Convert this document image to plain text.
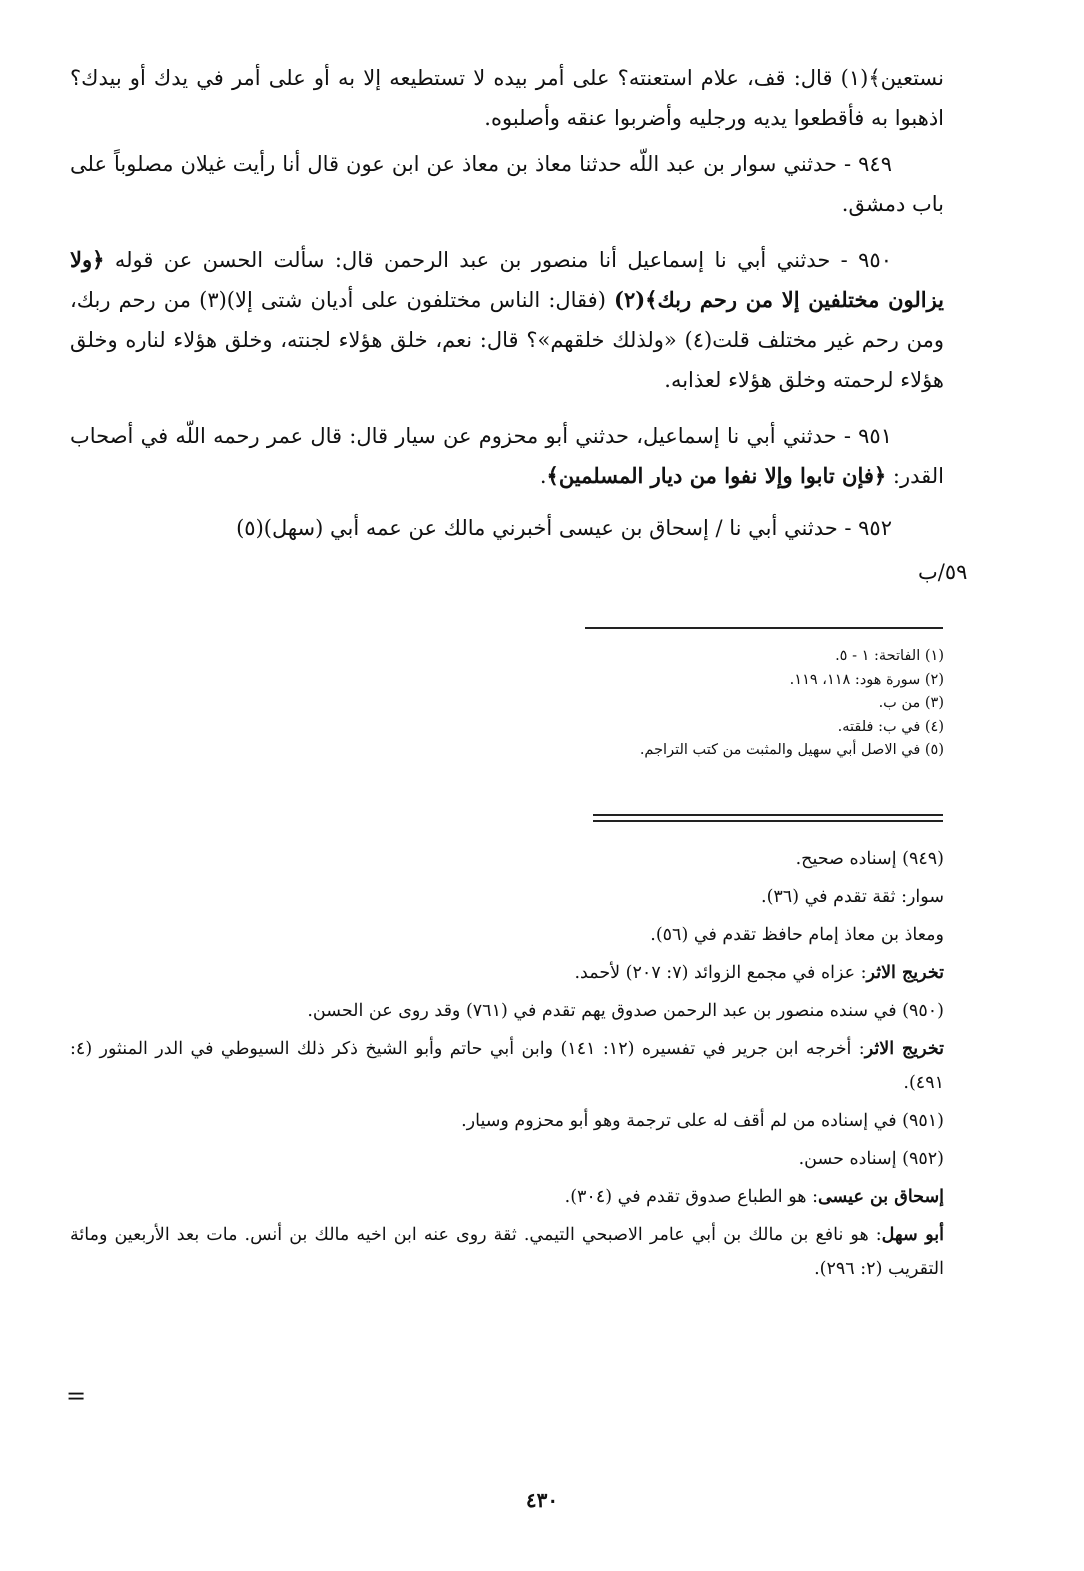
نستعين﴾(١) قال: قف، علام استعنته؟ على أمر بيده لا تستطيعه إلا به أو على أمر في يدك أو بيدك؟ اذهبوا به فأقطعوا يديه ورجليه وأضربوا عنقه وأصلبوه.

٩٤٩ - حدثني سوار بن عبد اللّه حدثنا معاذ بن معاذ عن ابن عون قال أنا رأيت غيلان مصلوباً على باب دمشق.

٩٥٠ - حدثني أبي نا إسماعيل أنا منصور بن عبد الرحمن قال: سألت الحسن عن قوله ﴿ولا يزالون مختلفين إلا من رحم ربك﴾(٢) (فقال: الناس مختلفون على أديان شتى إلا)(٣) من رحم ربك، ومن رحم غير مختلف قلت(٤) «ولذلك خلقهم»؟ قال: نعم، خلق هؤلاء لجنته، وخلق هؤلاء لناره وخلق هؤلاء لرحمته وخلق هؤلاء لعذابه.

٩٥١ - حدثني أبي نا إسماعيل، حدثني أبو محزوم عن سيار قال: قال عمر رحمه اللّه في أصحاب القدر: ﴿فإن تابوا وإلا نفوا من ديار المسلمين﴾.

٩٥٢ - حدثني أبي نا / إسحاق بن عيسى أخبرني مالك عن عمه أبي (سهل)(٥)

٥٩/ب

(١) الفاتحة: ١ - ٥.

(٢) سورة هود: ١١٨، ١١٩.

(٣) من ب.

(٤) في ب: فلقته.

(٥) في الاصل أبي سهيل والمثبت من كتب التراجم.

(٩٤٩) إسناده صحيح.

سوار: ثقة تقدم في (٣٦).

ومعاذ بن معاذ إمام حافظ تقدم في (٥٦).

تخريج الاثر: عزاه في مجمع الزوائد (٧: ٢٠٧) لأحمد.

(٩٥٠) في سنده منصور بن عبد الرحمن صدوق يهم تقدم في (٧٦١) وقد روى عن الحسن.

تخريج الاثر: أخرجه ابن جرير في تفسيره (١٢: ١٤١) وابن أبي حاتم وأبو الشيخ ذكر ذلك السيوطي في الدر المنثور (٤: ٤٩١).

(٩٥١) في إسناده من لم أقف له على ترجمة وهو أبو محزوم وسيار.

(٩٥٢) إسناده حسن.

إسحاق بن عيسى: هو الطباع صدوق تقدم في (٣٠٤).

أبو سهل: هو نافع بن مالك بن أبي عامر الاصبحي التيمي. ثقة روى عنه ابن اخيه مالك بن أنس. مات بعد الأربعين ومائة التقريب (٢: ٢٩٦).

=
٤٣٠
